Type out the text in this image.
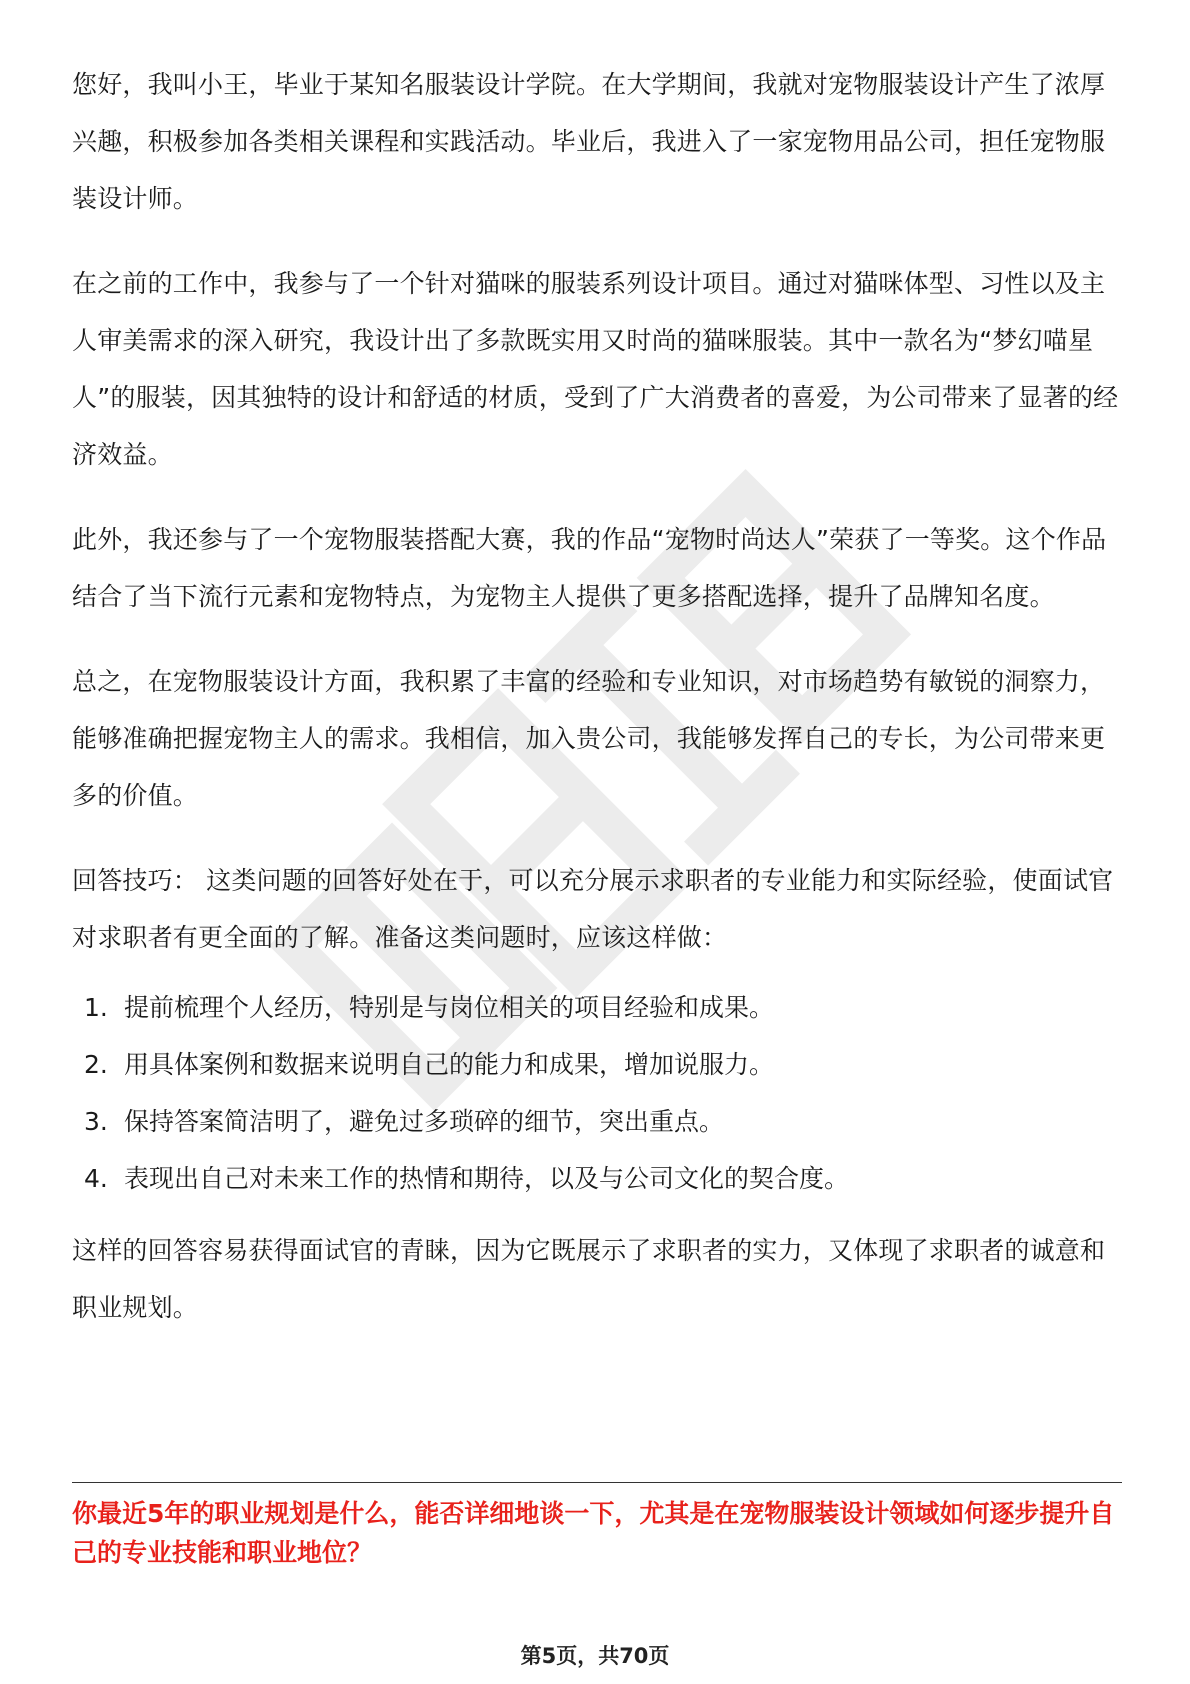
您好，我叫小王，毕业于某知名服装设计学院。在大学期间，我就对宠物服装设计产生了浓厚兴趣，积极参加各类相关课程和实践活动。毕业后，我进入了一家宠物用品公司，担任宠物服装设计师。

在之前的工作中，我参与了一个针对猫咪的服装系列设计项目。通过对猫咪体型、习性以及主人审美需求的深入研究，我设计出了多款既实用又时尚的猫咪服装。其中一款名为“梦幻喵星人”的服装，因其独特的设计和舒适的材质，受到了广大消费者的喜爱，为公司带来了显著的经济效益。

此外，我还参与了一个宠物服装搭配大赛，我的作品“宠物时尚达人”荣获了一等奖。这个作品结合了当下流行元素和宠物特点，为宠物主人提供了更多搭配选择，提升了品牌知名度。

总之，在宠物服装设计方面，我积累了丰富的经验和专业知识，对市场趋势有敏锐的洞察力，能够准确把握宠物主人的需求。我相信，加入贵公司，我能够发挥自己的专长，为公司带来更多的价值。

回答技巧： 这类问题的回答好处在于，可以充分展示求职者的专业能力和实际经验，使面试官对求职者有更全面的了解。准备这类问题时，应该这样做：

1. 提前梳理个人经历，特别是与岗位相关的项目经验和成果。
2. 用具体案例和数据来说明自己的能力和成果，增加说服力。
3. 保持答案简洁明了，避免过多琐碎的细节，突出重点。
4. 表现出自己对未来工作的热情和期待，以及与公司文化的契合度。

这样的回答容易获得面试官的青睐，因为它既展示了求职者的实力，又体现了求职者的诚意和职业规划。

你最近5年的职业规划是什么，能否详细地谈一下，尤其是在宠物服装设计领域如何逐步提升自己的专业技能和职业地位？

第5页，共70页
